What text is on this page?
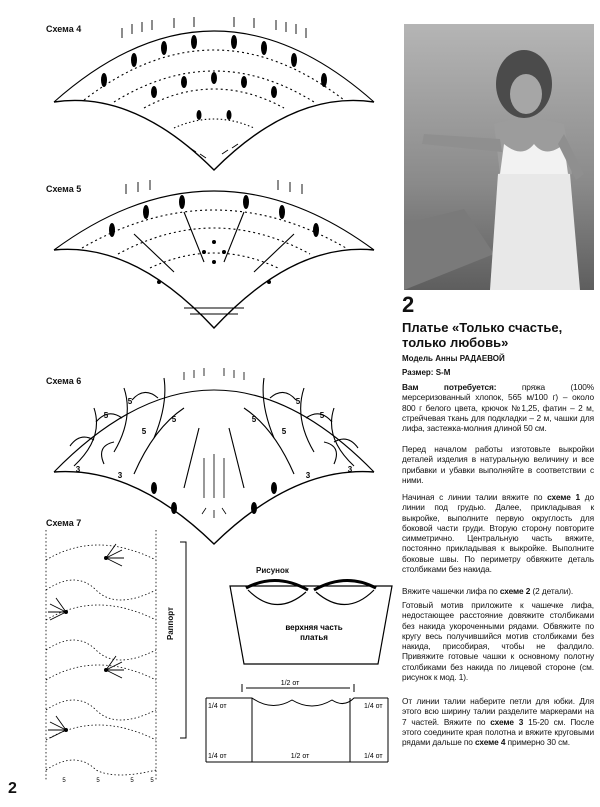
Схема 4
Схема 5
Схема 6
5
5
5
5	5
5
5
5
3
3	3
3
Схема 7
5	5	5	5
Раппорт
2
Платье «Только счастье, только любовь»
Модель Анны РАДАЕВОЙ
Размер: S-M
Вам потребуется: пряжа (100% мерсеризованный хлопок, 565 м/100 г) – около 800 г белого цвета, крючок №1,25, фатин – 2 м, стрейчевая ткань для подкладки – 2 м, чашки для лифа, застежка-молния длиной 50 см.
Перед началом работы изготовьте выкройки деталей изделия в натуральную величину и все прибавки и убавки выполняйте в соответствии с ними.
Начиная с линии талии вяжите по схеме 1 до линии под грудью. Далее, прикладывая к выкройке, выполните первую округлость для боковой части груди. Вторую сторону повторите симметрично. Центральную часть вяжите, постоянно прикладывая к выкройке. Выполните боковые швы. По периметру обвяжите деталь столбиками без накида.
Вяжите чашечки лифа по схеме 2 (2 детали).
Готовый мотив приложите к чашечке лифа, недостающее расстояние довяжите столбиками без накида укороченными рядами. Обвяжите по кругу весь получившийся мотив столбиками без накида, присобирая, чтобы не фалдило. Привяжите готовые чашки к основному полотну столбиками без накида по лицевой стороне (см. рисунок к мод. 1).
От линии талии наберите петли для юбки. Для этого всю ширину талии разделите маркерами на 7 частей. Вяжите по схеме 3 15-20 см. После этого соедините края полотна и вяжите круговыми рядами дальше по схеме 4 примерно 30 см.
Рисунок
верхняя часть
платья
1/2 от
1/4 от	1/4 от
1/4 от	1/4 от
1/2 от
2
